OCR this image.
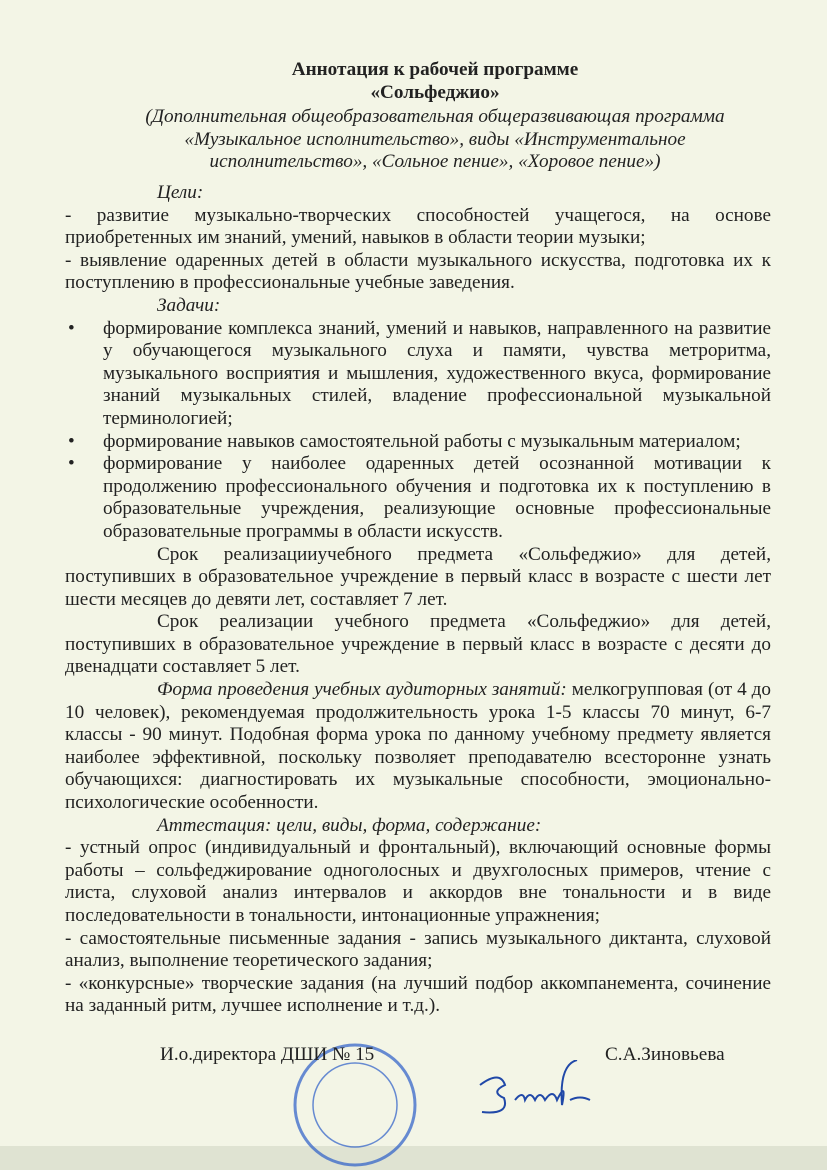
Аннотация к рабочей программе
«Сольфеджио»
(Дополнительная общеобразовательная общеразвивающая программа
«Музыкальное исполнительство», виды «Инструментальное
исполнительство», «Сольное пение», «Хоровое пение»)

Цели:

- развитие музыкально-творческих способностей учащегося, на основе приобретенных им знаний, умений, навыков в области теории музыки;

- выявление одаренных детей в области музыкального искусства, подготовка их к поступлению в профессиональные учебные заведения.

Задачи:

• формирование комплекса знаний, умений и навыков, направленного на развитие у обучающегося музыкального слуха и памяти, чувства метроритма, музыкального восприятия и мышления, художественного вкуса, формирование знаний музыкальных стилей, владение профессиональной музыкальной терминологией;
• формирование навыков самостоятельной работы с музыкальным материалом;
• формирование у наиболее одаренных детей осознанной мотивации к продолжению профессионального обучения и подготовка их к поступлению в образовательные учреждения, реализующие основные профессиональные образовательные программы в области искусств.

Срок реализацииучебного предмета «Сольфеджио» для детей, поступивших в образовательное учреждение в первый класс в возрасте с шести лет шести месяцев до девяти лет, составляет 7 лет.

Срок реализации учебного предмета «Сольфеджио» для детей, поступивших в образовательное учреждение в первый класс в возрасте с десяти до двенадцати составляет 5 лет.

Форма проведения учебных аудиторных занятий: мелкогрупповая (от 4 до 10 человек), рекомендуемая продолжительность урока 1-5 классы 70 минут, 6-7 классы - 90 минут. Подобная форма урока по данному учебному предмету является наиболее эффективной, поскольку позволяет преподавателю всесторонне узнать обучающихся: диагностировать их музыкальные способности, эмоционально-психологические особенности.

Аттестация: цели, виды, форма, содержание:

- устный опрос (индивидуальный и фронтальный), включающий основные формы работы – сольфеджирование одноголосных и двухголосных примеров, чтение с листа, слуховой анализ интервалов и аккордов вне тональности и в виде последовательности в тональности, интонационные упражнения;

- самостоятельные письменные задания - запись музыкального диктанта, слуховой анализ, выполнение теоретического задания;

- «конкурсные» творческие задания (на лучший подбор аккомпанемента, сочинение на заданный ритм, лучшее исполнение и т.д.).

И.о.директора ДШИ № 15	С.А.Зиновьева
